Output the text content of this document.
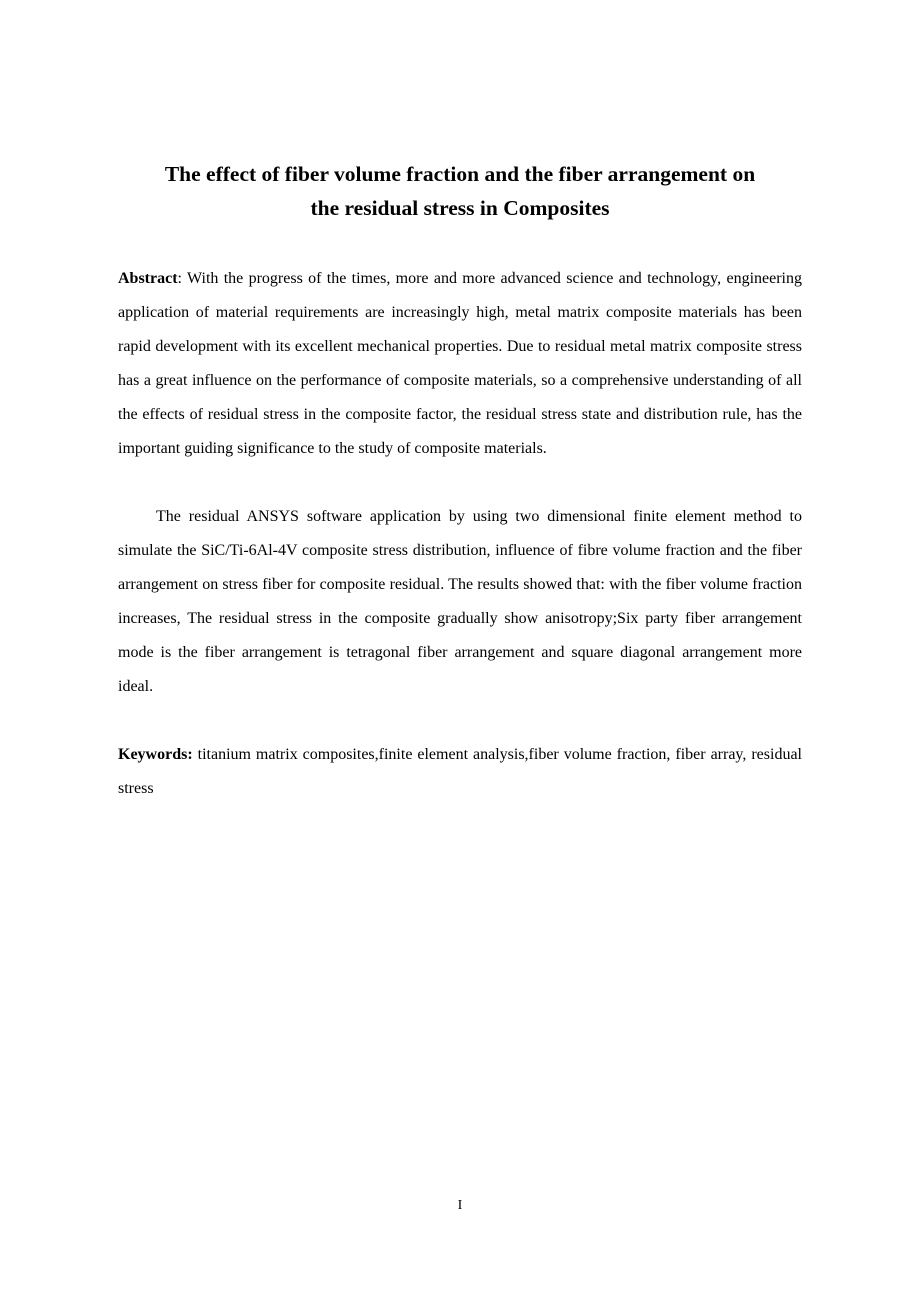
The effect of fiber volume fraction and the fiber arrangement on
the residual stress in Composites

Abstract: With the progress of the times, more and more advanced science and technology, engineering application of material requirements are increasingly high, metal matrix composite materials has been rapid development with its excellent mechanical properties. Due to residual metal matrix composite stress has a great influence on the performance of composite materials, so a comprehensive understanding of all the effects of residual stress in the composite factor, the residual stress state and distribution rule, has the important guiding significance to the study of composite materials.

The residual ANSYS software application by using two dimensional finite element method to simulate the SiC/Ti-6Al-4V composite stress distribution, influence of fibre volume fraction and the fiber arrangement on stress fiber for composite residual. The results showed that: with the fiber volume fraction increases, The residual stress in the composite gradually show anisotropy;Six party fiber arrangement mode is the fiber arrangement is tetragonal fiber arrangement and square diagonal arrangement more ideal.

Keywords: titanium matrix composites,finite element analysis,fiber volume fraction, fiber array, residual stress

I
